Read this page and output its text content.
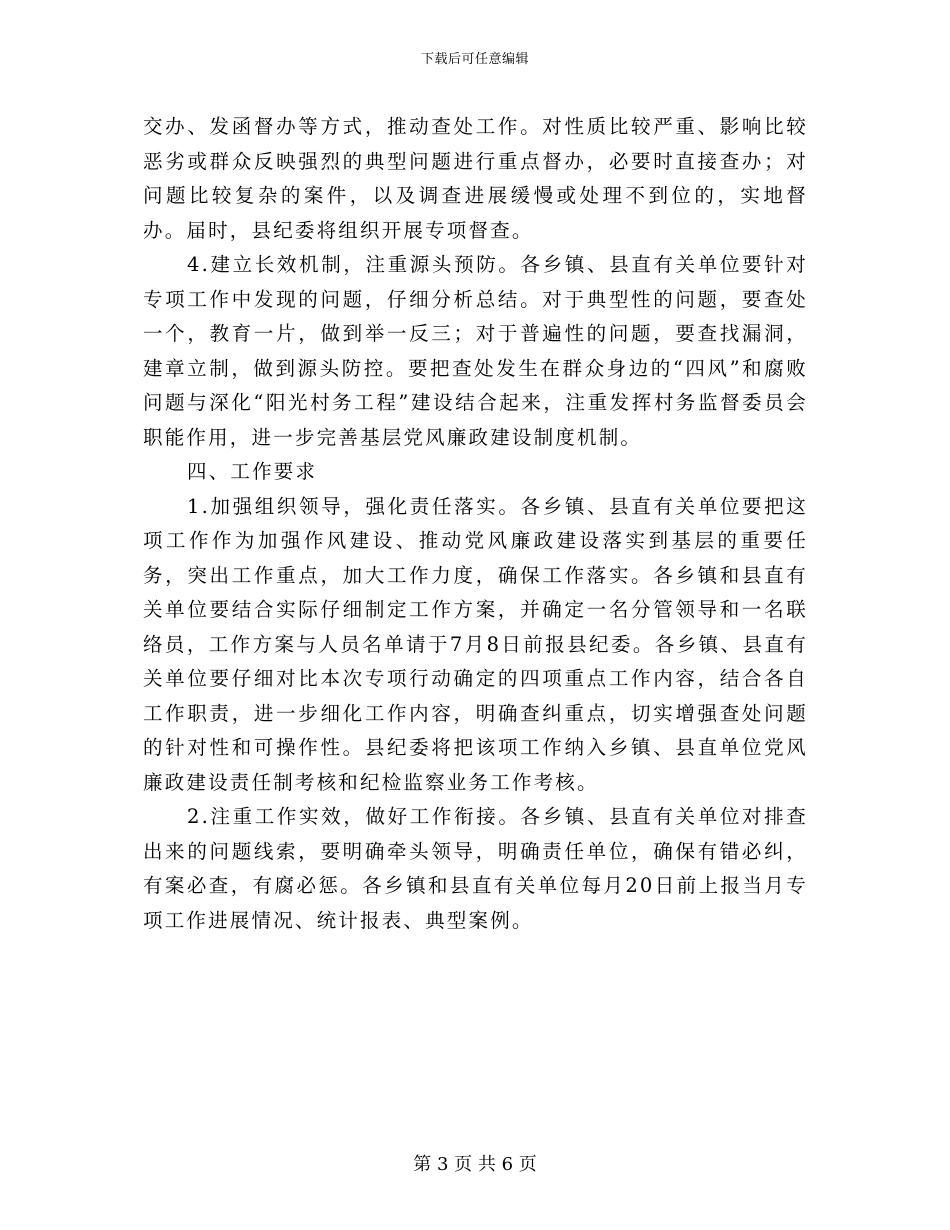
下载后可任意编辑

交办、发函督办等方式，推动查处工作。对性质比较严重、影响比较恶劣或群众反映强烈的典型问题进行重点督办，必要时直接查办；对问题比较复杂的案件，以及调查进展缓慢或处理不到位的，实地督办。届时，县纪委将组织开展专项督查。

4.建立长效机制，注重源头预防。各乡镇、县直有关单位要针对专项工作中发现的问题，仔细分析总结。对于典型性的问题，要查处一个，教育一片，做到举一反三；对于普遍性的问题，要查找漏洞，建章立制，做到源头防控。要把查处发生在群众身边的“四风”和腐败问题与深化“阳光村务工程”建设结合起来，注重发挥村务监督委员会职能作用，进一步完善基层党风廉政建设制度机制。

四、工作要求

1.加强组织领导，强化责任落实。各乡镇、县直有关单位要把这项工作作为加强作风建设、推动党风廉政建设落实到基层的重要任务，突出工作重点，加大工作力度，确保工作落实。各乡镇和县直有关单位要结合实际仔细制定工作方案，并确定一名分管领导和一名联络员，工作方案与人员名单请于7月8日前报县纪委。各乡镇、县直有关单位要仔细对比本次专项行动确定的四项重点工作内容，结合各自工作职责，进一步细化工作内容，明确查纠重点，切实增强查处问题的针对性和可操作性。县纪委将把该项工作纳入乡镇、县直单位党风廉政建设责任制考核和纪检监察业务工作考核。

2.注重工作实效，做好工作衔接。各乡镇、县直有关单位对排查出来的问题线索，要明确牵头领导，明确责任单位，确保有错必纠，有案必查，有腐必惩。各乡镇和县直有关单位每月20日前上报当月专项工作进展情况、统计报表、典型案例。

第 3 页 共 6 页
